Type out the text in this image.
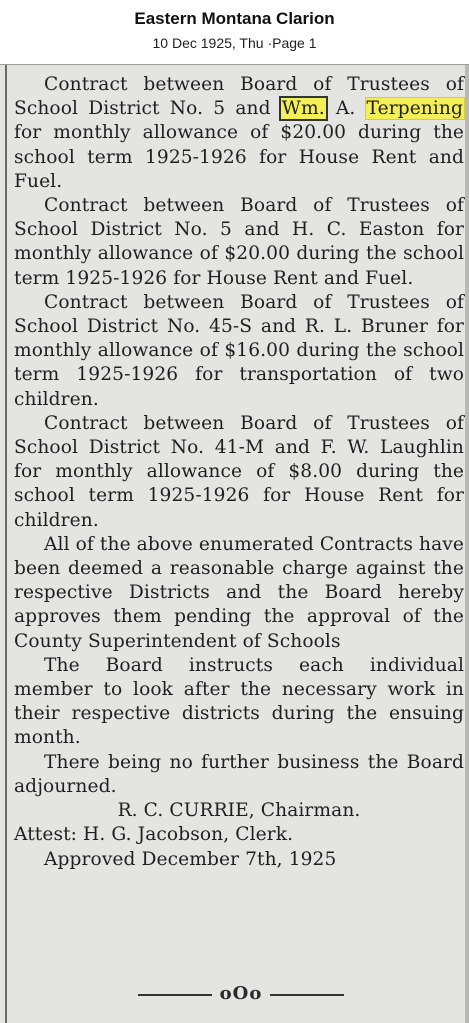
Eastern Montana Clarion
10 Dec 1925, Thu ·Page 1

Contract between Board of Trustees of School District No. 5 and Wm. A. Terpening for monthly allowance of $20.00 during the school term 1925-1926 for House Rent and Fuel.

Contract between Board of Trustees of School District No. 5 and H. C. Easton for monthly allowance of $20.00 during the school term 1925-1926 for House Rent and Fuel.

Contract between Board of Trustees of School District No. 45-S and R. L. Bruner for monthly allowance of $16.00 during the school term 1925-1926 for transportation of two children.

Contract between Board of Trustees of School District No. 41-M and F. W. Laughlin for monthly allowance of $8.00 during the school term 1925-1926 for House Rent for children.

All of the above enumerated Contracts have been deemed a reasonable charge against the respective Districts and the Board hereby approves them pending the approval of the County Superintendent of Schools

The Board instructs each individual member to look after the necessary work in their respective districts during the ensuing month.

There being no further business the Board adjourned.

R. C. CURRIE, Chairman.

Attest: H. G. Jacobson, Clerk.

Approved December 7th, 1925

oOo
